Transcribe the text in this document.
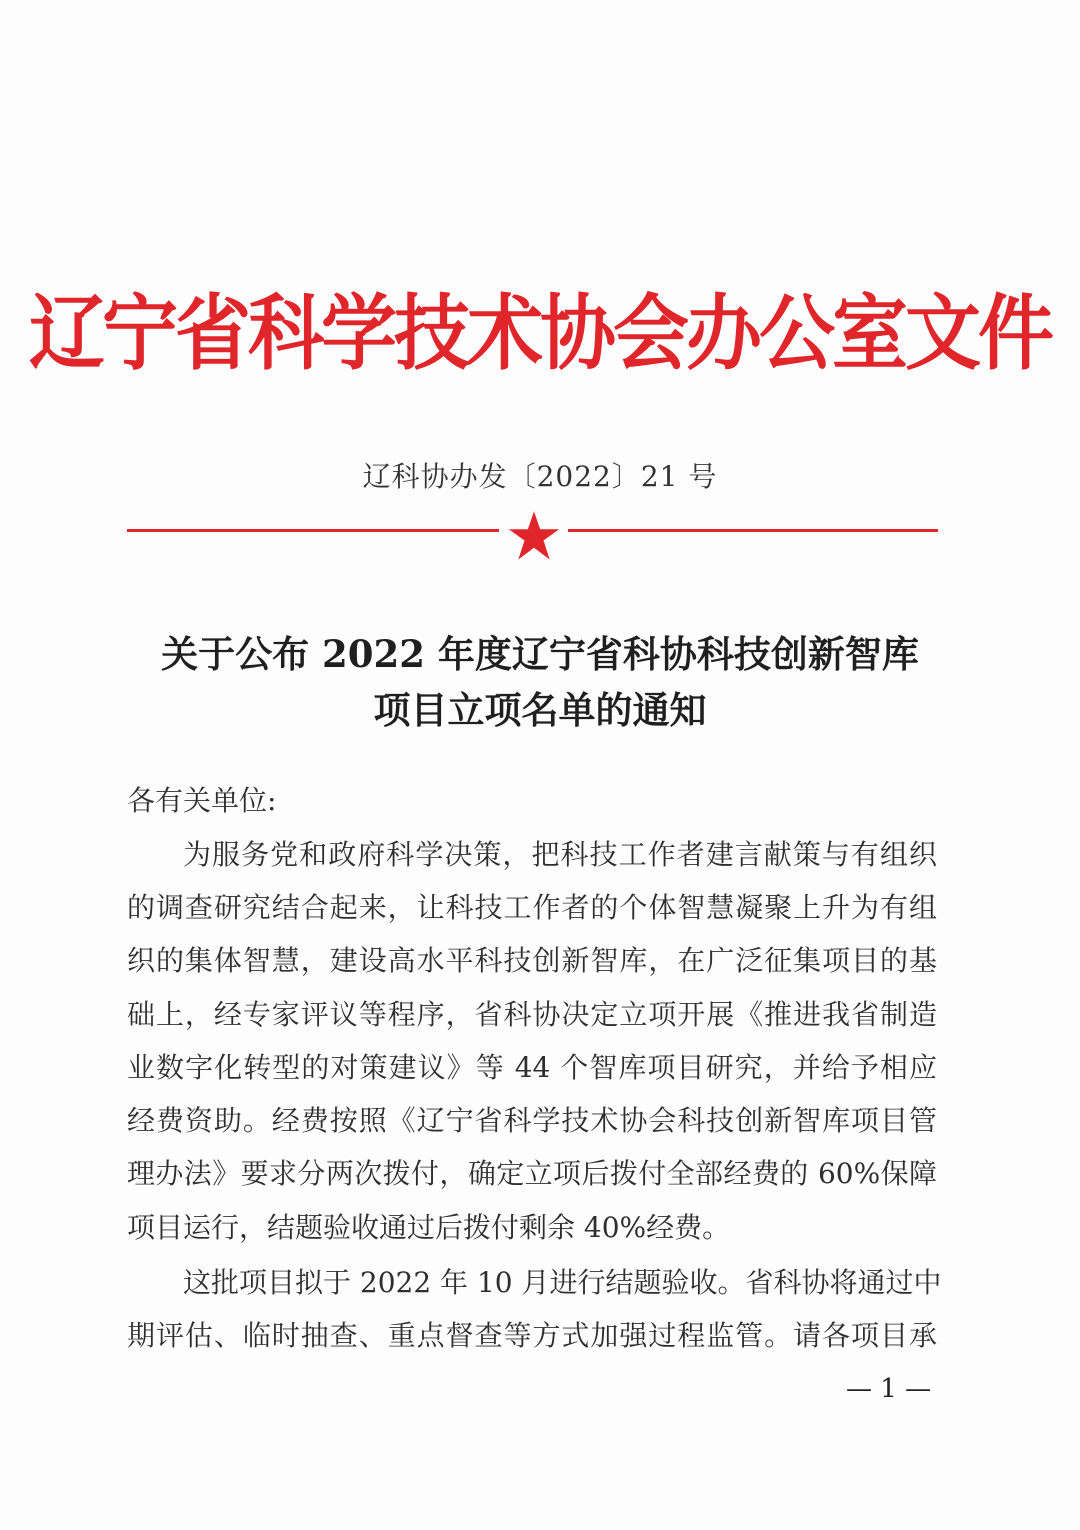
辽宁省科学技术协会办公室文件
辽科协办发〔2022〕21 号
关于公布 2022 年度辽宁省科协科技创新智库
项目立项名单的通知
各有关单位:
为服务党和政府科学决策，把科技工作者建言献策与有组织
的调查研究结合起来，让科技工作者的个体智慧凝聚上升为有组
织的集体智慧，建设高水平科技创新智库，在广泛征集项目的基
础上，经专家评议等程序，省科协决定立项开展《推进我省制造
业数字化转型的对策建议》等 44 个智库项目研究，并给予相应
经费资助。经费按照《辽宁省科学技术协会科技创新智库项目管
理办法》要求分两次拨付，确定立项后拨付全部经费的 60%保障
项目运行，结题验收通过后拨付剩余 40%经费。
这批项目拟于 2022 年 10 月进行结题验收。省科协将通过中
期评估、临时抽查、重点督查等方式加强过程监管。请各项目承
— 1 —
